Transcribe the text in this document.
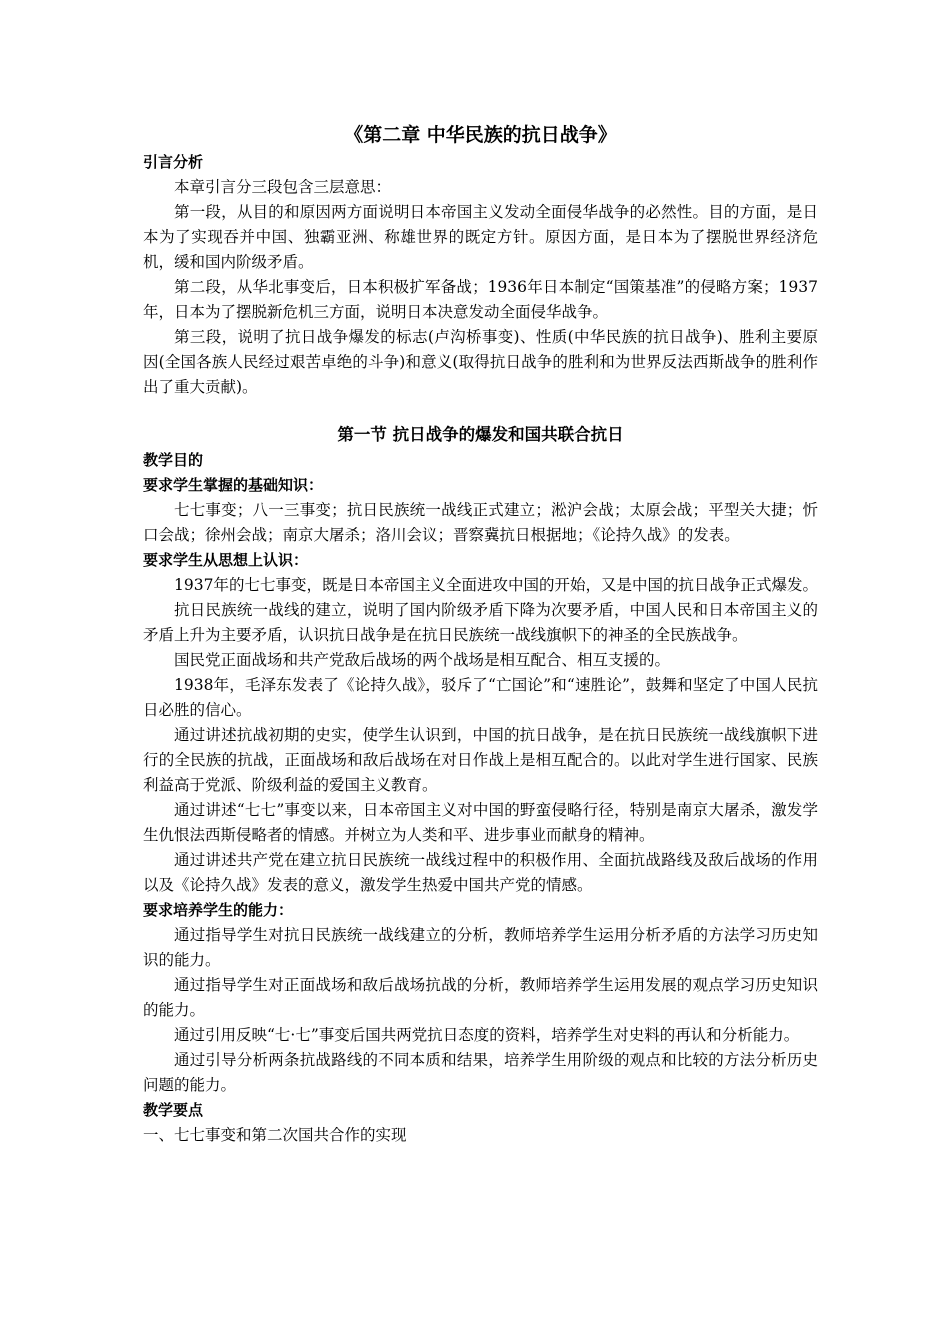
《第二章 中华民族的抗日战争》
引言分析

本章引言分三段包含三层意思：

第一段，从目的和原因两方面说明日本帝国主义发动全面侵华战争的必然性。目的方面，是日本为了实现吞并中国、独霸亚洲、称雄世界的既定方针。原因方面，是日本为了摆脱世界经济危机，缓和国内阶级矛盾。

第二段，从华北事变后，日本积极扩军备战；1936年日本制定“国策基准”的侵略方案；1937年，日本为了摆脱新危机三方面，说明日本决意发动全面侵华战争。

第三段，说明了抗日战争爆发的标志(卢沟桥事变)、性质(中华民族的抗日战争)、胜利主要原因(全国各族人民经过艰苦卓绝的斗争)和意义(取得抗日战争的胜利和为世界反法西斯战争的胜利作出了重大贡献)。

第一节 抗日战争的爆发和国共联合抗日
教学目的
要求学生掌握的基础知识：

七七事变；八一三事变；抗日民族统一战线正式建立；淞沪会战；太原会战；平型关大捷；忻口会战；徐州会战；南京大屠杀；洛川会议；晋察冀抗日根据地；《论持久战》的发表。

要求学生从思想上认识：

1937年的七七事变，既是日本帝国主义全面进攻中国的开始，又是中国的抗日战争正式爆发。

抗日民族统一战线的建立，说明了国内阶级矛盾下降为次要矛盾，中国人民和日本帝国主义的矛盾上升为主要矛盾，认识抗日战争是在抗日民族统一战线旗帜下的神圣的全民族战争。

国民党正面战场和共产党敌后战场的两个战场是相互配合、相互支援的。

1938年，毛泽东发表了《论持久战》，驳斥了“亡国论”和“速胜论”，鼓舞和坚定了中国人民抗日必胜的信心。

通过讲述抗战初期的史实，使学生认识到，中国的抗日战争，是在抗日民族统一战线旗帜下进行的全民族的抗战，正面战场和敌后战场在对日作战上是相互配合的。以此对学生进行国家、民族利益高于党派、阶级利益的爱国主义教育。

通过讲述“七七”事变以来，日本帝国主义对中国的野蛮侵略行径，特别是南京大屠杀，激发学生仇恨法西斯侵略者的情感。并树立为人类和平、进步事业而献身的精神。

通过讲述共产党在建立抗日民族统一战线过程中的积极作用、全面抗战路线及敌后战场的作用以及《论持久战》发表的意义，激发学生热爱中国共产党的情感。

要求培养学生的能力：

通过指导学生对抗日民族统一战线建立的分析，教师培养学生运用分析矛盾的方法学习历史知识的能力。

通过指导学生对正面战场和敌后战场抗战的分析，教师培养学生运用发展的观点学习历史知识的能力。

通过引用反映“七·七”事变后国共两党抗日态度的资料，培养学生对史料的再认和分析能力。

通过引导分析两条抗战路线的不同本质和结果，培养学生用阶级的观点和比较的方法分析历史问题的能力。

教学要点

一、七七事变和第二次国共合作的实现
